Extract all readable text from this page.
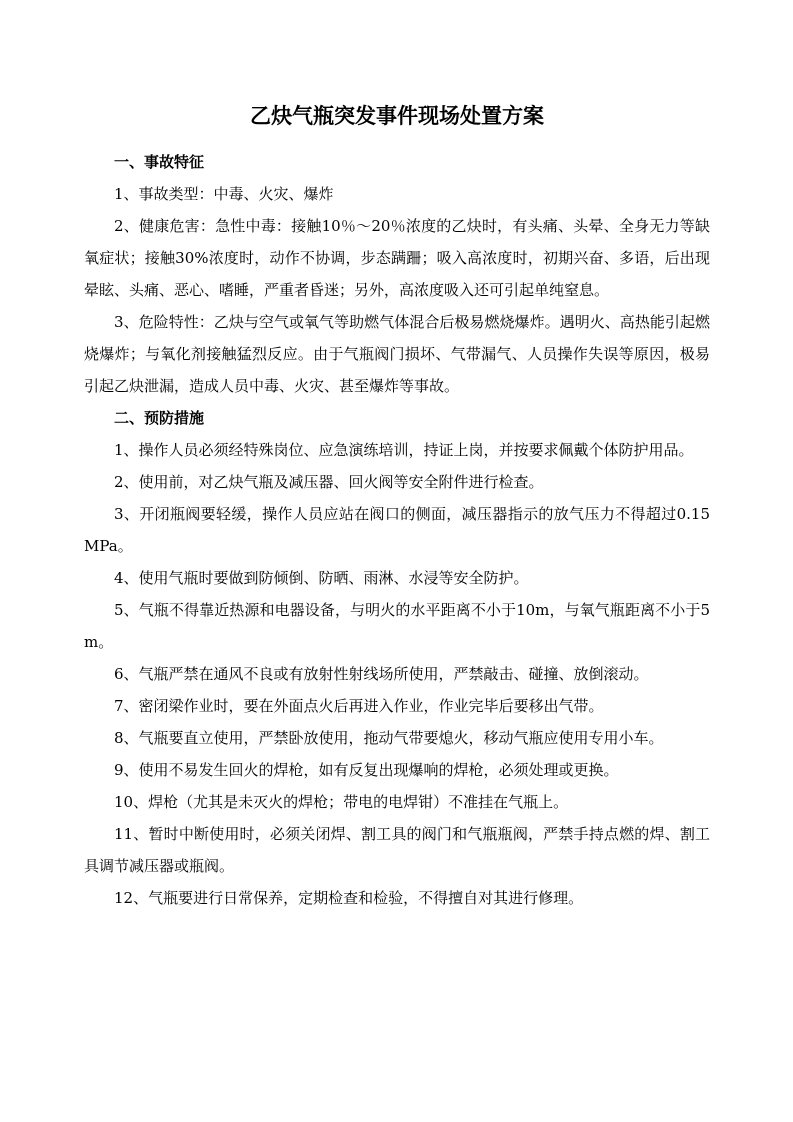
乙炔气瓶突发事件现场处置方案

一、事故特征

1、事故类型：中毒、火灾、爆炸

2、健康危害：急性中毒：接触10％～20％浓度的乙炔时，有头痛、头晕、全身无力等缺氧症状；接触30%浓度时，动作不协调，步态蹒跚；吸入高浓度时，初期兴奋、多语，后出现晕眩、头痛、恶心、嗜睡，严重者昏迷；另外，高浓度吸入还可引起单纯窒息。

3、危险特性：乙炔与空气或氧气等助燃气体混合后极易燃烧爆炸。遇明火、高热能引起燃烧爆炸；与氧化剂接触猛烈反应。由于气瓶阀门损坏、气带漏气、人员操作失误等原因，极易引起乙炔泄漏，造成人员中毒、火灾、甚至爆炸等事故。

二、预防措施

1、操作人员必须经特殊岗位、应急演练培训，持证上岗，并按要求佩戴个体防护用品。

2、使用前，对乙炔气瓶及减压器、回火阀等安全附件进行检查。

3、开闭瓶阀要轻缓，操作人员应站在阀口的侧面，减压器指示的放气压力不得超过0.15MPa。

4、使用气瓶时要做到防倾倒、防晒、雨淋、水浸等安全防护。

5、气瓶不得靠近热源和电器设备，与明火的水平距离不小于10m，与氧气瓶距离不小于5m。

6、气瓶严禁在通风不良或有放射性射线场所使用，严禁敲击、碰撞、放倒滚动。

7、密闭梁作业时，要在外面点火后再进入作业，作业完毕后要移出气带。

8、气瓶要直立使用，严禁卧放使用，拖动气带要熄火，移动气瓶应使用专用小车。

9、使用不易发生回火的焊枪，如有反复出现爆响的焊枪，必须处理或更换。

10、焊枪（尤其是未灭火的焊枪；带电的电焊钳）不准挂在气瓶上。

11、暂时中断使用时，必须关闭焊、割工具的阀门和气瓶瓶阀，严禁手持点燃的焊、割工具调节减压器或瓶阀。

12、气瓶要进行日常保养，定期检查和检验，不得擅自对其进行修理。
